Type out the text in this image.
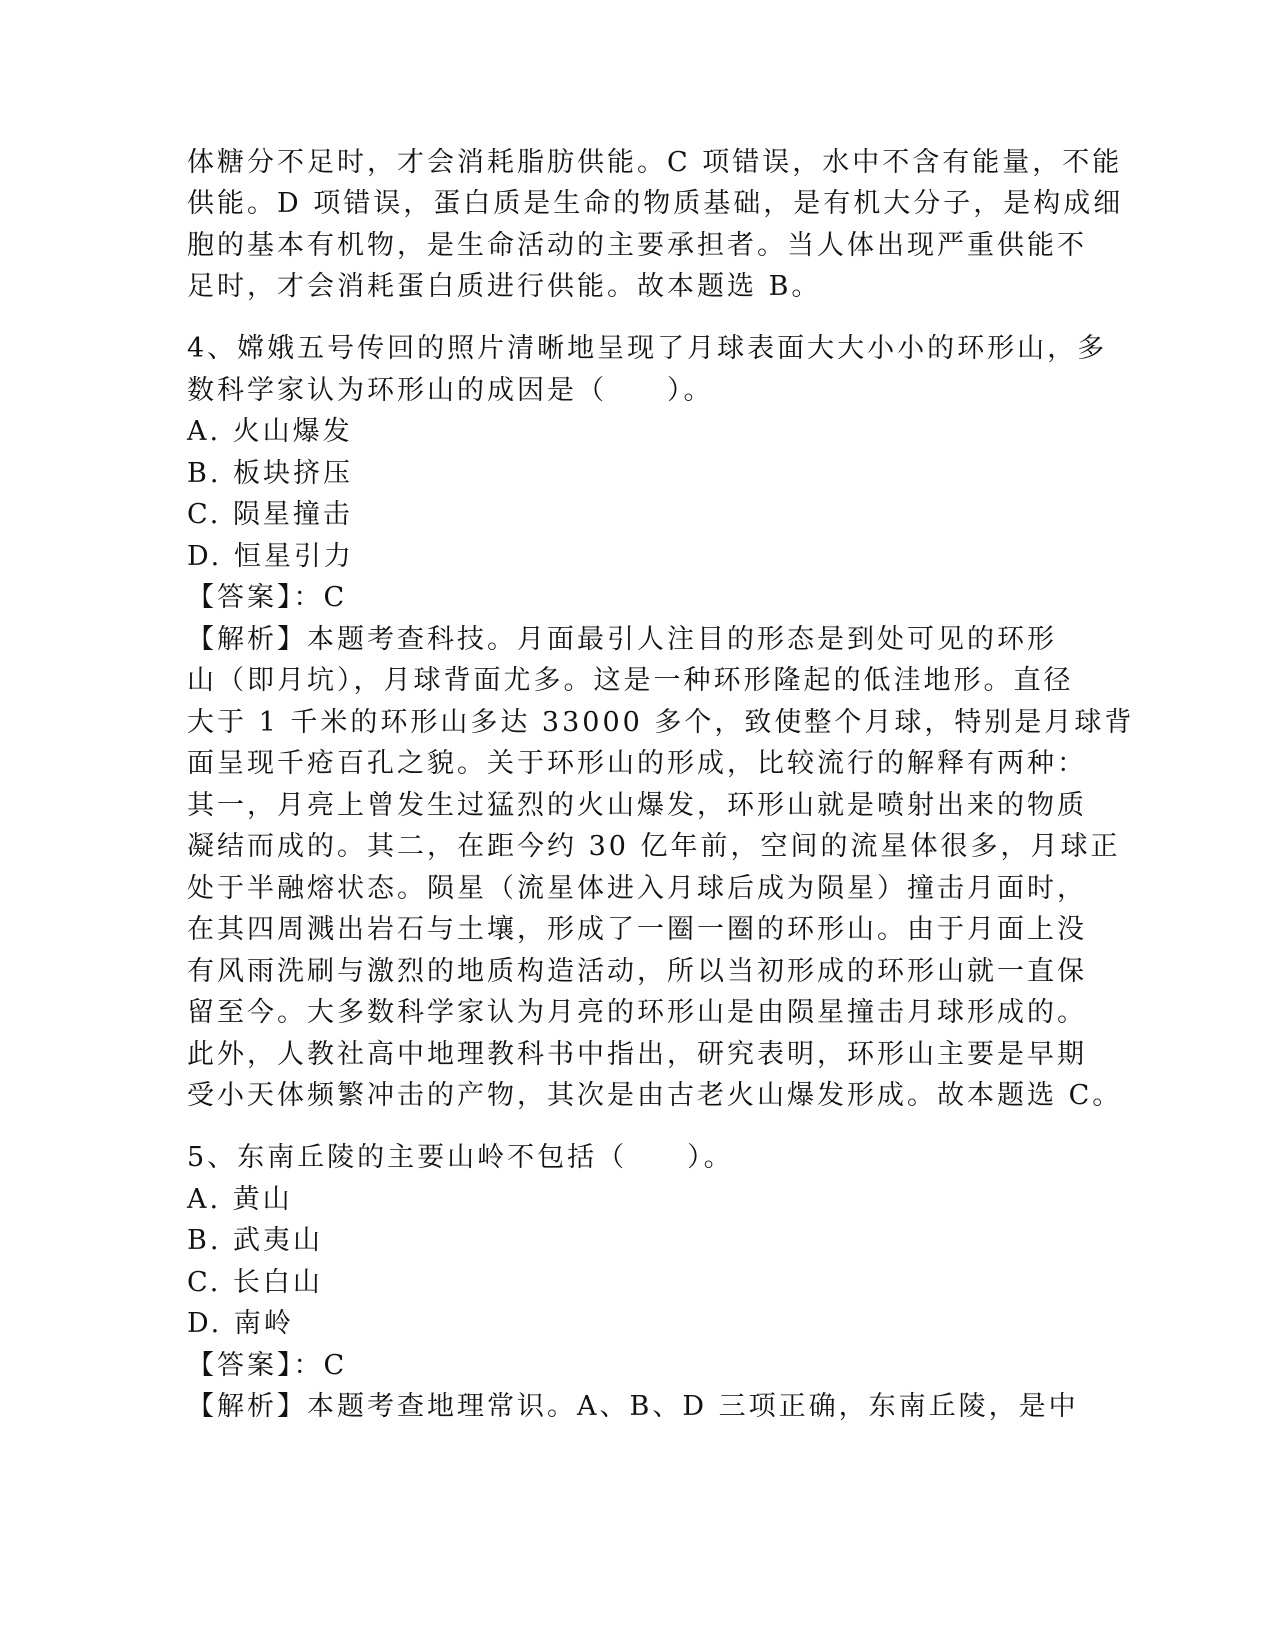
体糖分不足时，才会消耗脂肪供能。C 项错误，水中不含有能量，不能
供能。D 项错误，蛋白质是生命的物质基础，是有机大分子，是构成细
胞的基本有机物，是生命活动的主要承担者。当人体出现严重供能不
足时，才会消耗蛋白质进行供能。故本题选 B。
4、嫦娥五号传回的照片清晰地呈现了月球表面大大小小的环形山，多
数科学家认为环形山的成因是（　　）。
A. 火山爆发
B. 板块挤压
C. 陨星撞击
D. 恒星引力
【答案】：C
【解析】本题考查科技。月面最引人注目的形态是到处可见的环形
山（即月坑），月球背面尤多。这是一种环形隆起的低洼地形。直径
大于 1 千米的环形山多达 33000 多个，致使整个月球，特别是月球背
面呈现千疮百孔之貌。关于环形山的形成，比较流行的解释有两种：
其一，月亮上曾发生过猛烈的火山爆发，环形山就是喷射出来的物质
凝结而成的。其二，在距今约 30 亿年前，空间的流星体很多，月球正
处于半融熔状态。陨星（流星体进入月球后成为陨星）撞击月面时，
在其四周溅出岩石与土壤，形成了一圈一圈的环形山。由于月面上没
有风雨洗刷与激烈的地质构造活动，所以当初形成的环形山就一直保
留至今。大多数科学家认为月亮的环形山是由陨星撞击月球形成的。
此外，人教社高中地理教科书中指出，研究表明，环形山主要是早期
受小天体频繁冲击的产物，其次是由古老火山爆发形成。故本题选 C。
5、东南丘陵的主要山岭不包括（　　）。
A. 黄山
B. 武夷山
C. 长白山
D. 南岭
【答案】：C
【解析】本题考查地理常识。A、B、D 三项正确，东南丘陵，是中
